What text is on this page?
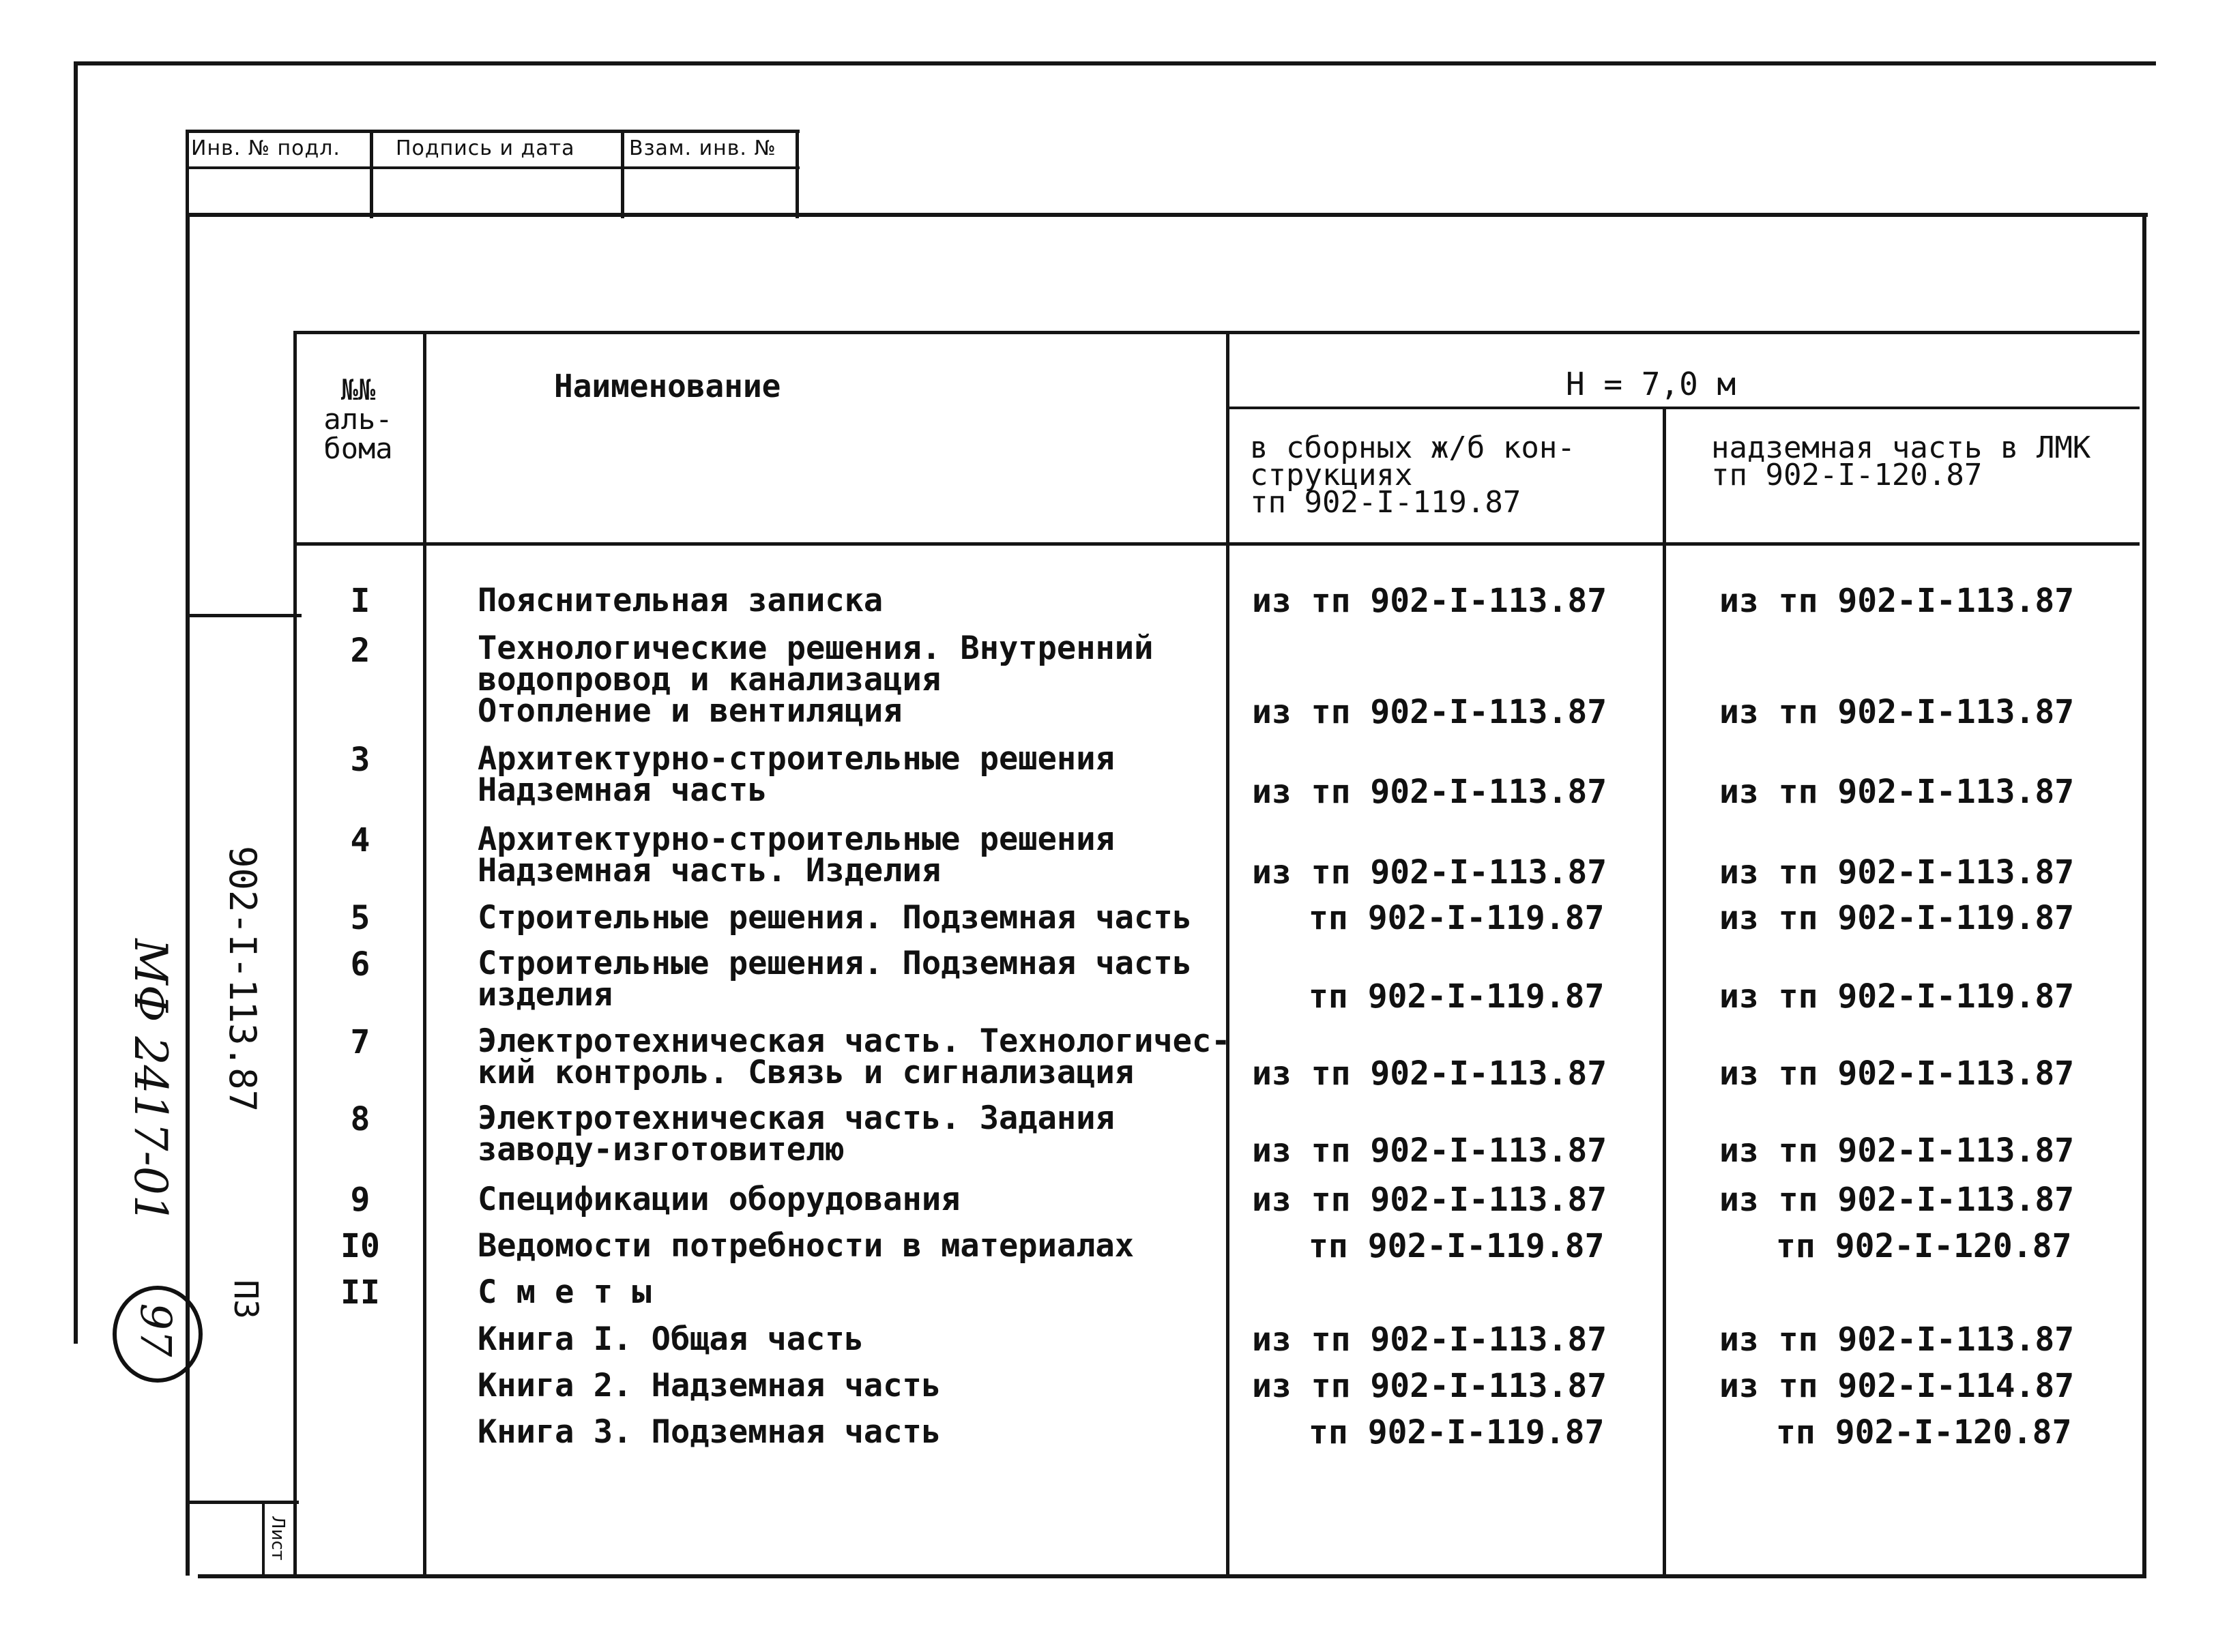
Инв. № подл.	Подпись и дата	Взам. инв. №
902-I-113.87
ПЗ
Лист
МФ 2417-01
97
№№
аль-
бома
Наименование	Н = 7,0 м
в сборных ж/б кон-
струкциях
тп 902-I-119.87
надземная часть в ЛМК
тп 902-I-120.87
I	Пояснительная записка	из тп 902-I-113.87	из тп 902-I-113.87
2	Технологические решения. Внутренний
водопровод и канализация
Отопление и вентиляция	из тп 902-I-113.87	из тп 902-I-113.87
3	Архитектурно-строительные решения
Надземная часть	из тп 902-I-113.87	из тп 902-I-113.87
4	Архитектурно-строительные решения
Надземная часть. Изделия	из тп 902-I-113.87	из тп 902-I-113.87
5	Строительные решения. Подземная часть	тп 902-I-119.87	из тп 902-I-119.87
6	Строительные решения. Подземная часть
изделия	тп 902-I-119.87	из тп 902-I-119.87
7	Электротехническая часть. Технологичес-
кий контроль. Связь и сигнализация	из тп 902-I-113.87	из тп 902-I-113.87
8	Электротехническая часть. Задания
заводу-изготовителю	из тп 902-I-113.87	из тп 902-I-113.87
9	Спецификации оборудования	из тп 902-I-113.87	из тп 902-I-113.87
I0	Ведомости потребности в материалах	тп 902-I-119.87	тп 902-I-120.87
II	С м е т ы
Книга I. Общая часть	из тп 902-I-113.87	из тп 902-I-113.87
Книга 2. Надземная часть	из тп 902-I-113.87	из тп 902-I-114.87
Книга 3. Подземная часть	тп 902-I-119.87	тп 902-I-120.87
